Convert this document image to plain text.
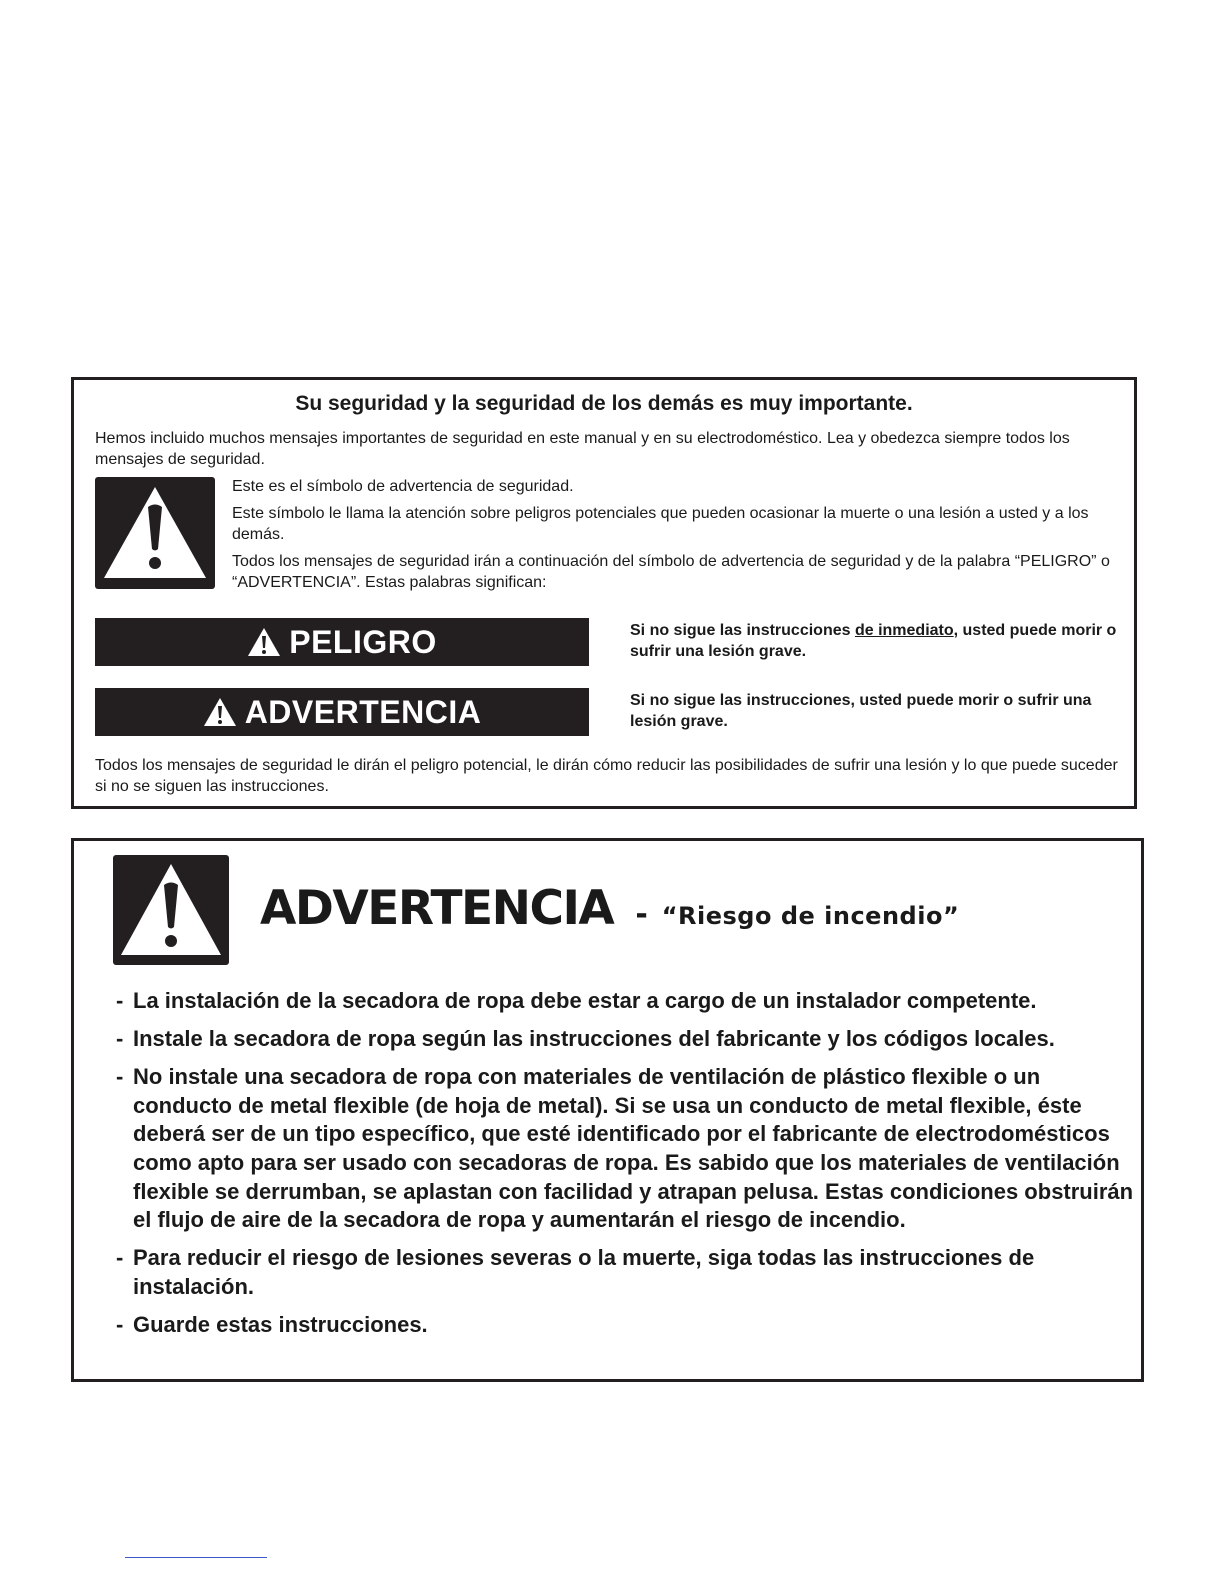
Su seguridad y la seguridad de los demás es muy importante.

Hemos incluido muchos mensajes importantes de seguridad en este manual y en su electrodoméstico. Lea y obedezca siempre todos los mensajes de seguridad.

Este es el símbolo de advertencia de seguridad.

Este símbolo le llama la atención sobre peligros potenciales que pueden ocasionar la muerte o una lesión a usted y a los demás.

Todos los mensajes de seguridad irán a continuación del símbolo de advertencia de seguridad y de la palabra “PELIGRO” o “ADVERTENCIA”. Estas palabras significan:

PELIGRO	Si no sigue las instrucciones de inmediato, usted puede morir o sufrir una lesión grave.

ADVERTENCIA	Si no sigue las instrucciones, usted puede morir o sufrir una lesión grave.

Todos los mensajes de seguridad le dirán el peligro potencial, le dirán cómo reducir las posibilidades de sufrir una lesión y lo que puede suceder si no se siguen las instrucciones.

ADVERTENCIA - “Riesgo de incendio”
- La instalación de la secadora de ropa debe estar a cargo de un instalador competente.
- Instale la secadora de ropa según las instrucciones del fabricante y los códigos locales.
- No instale una secadora de ropa con materiales de ventilación de plástico flexible o un conducto de metal flexible (de hoja de metal). Si se usa un conducto de metal flexible, éste deberá ser de un tipo específico, que esté identificado por el fabricante de electrodomésticos como apto para ser usado con secadoras de ropa. Es sabido que los materiales de ventilación flexible se derrumban, se aplastan con facilidad y atrapan pelusa. Estas condiciones obstruirán el flujo de aire de la secadora de ropa y aumentarán el riesgo de incendio.
- Para reducir el riesgo de lesiones severas o la muerte, siga todas las instrucciones de instalación.
- Guarde estas instrucciones.
